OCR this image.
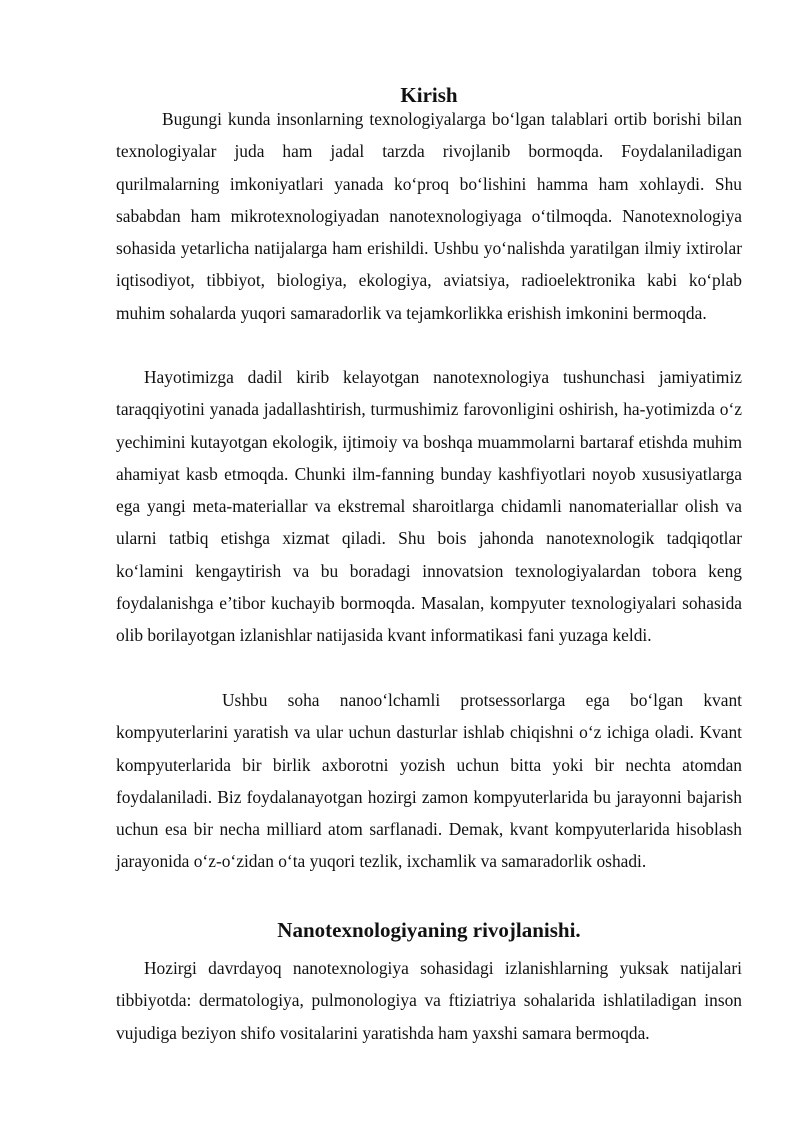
Kirish

Bugungi kunda insonlarning texnologiyalarga bo‘lgan talablari ortib borishi bilan texnologiyalar juda ham jadal tarzda rivojlanib bormoqda. Foydalaniladigan qurilmalarning imkoniyatlari yanada ko‘proq bo‘lishini hamma ham xohlaydi. Shu sababdan ham mikrotexnologiyadan nanotexnologiyaga o‘tilmoqda. Nanotexnologiya sohasida yetarlicha natijalarga ham erishildi. Ushbu yo‘nalishda yaratilgan ilmiy ixtirolar iqtisodiyot, tibbiyot, biologiya, ekologiya, aviatsiya, radioelektronika kabi ko‘plab muhim sohalarda yuqori samaradorlik va tejamkorlikka erishish imkonini bermoqda.

Hayotimizga dadil kirib kelayotgan nanotexnologiya tushunchasi jamiyatimiz taraqqiyotini yanada jadallashtirish, turmushimiz farovonligini oshirish, ha-yotimizda o‘z yechimini kutayotgan ekologik, ijtimoiy va boshqa muammolarni bartaraf etishda muhim ahamiyat kasb etmoqda. Chunki ilm-fanning bunday kashfiyotlari noyob xususiyatlarga ega yangi meta-materiallar va ekstremal sharoitlarga chidamli nanomateriallar olish va ularni tatbiq etishga xizmat qiladi. Shu bois jahonda nanotexnologik tadqiqotlar ko‘lamini kengaytirish va bu boradagi innovatsion texnologiyalardan tobora keng foydalanishga e’tibor kuchayib bormoqda. Masalan, kompyuter texnologiyalari sohasida olib borilayotgan izlanishlar natijasida kvant informatikasi fani yuzaga keldi.

Ushbu soha nanoo‘lchamli protsessorlarga ega bo‘lgan kvant kompyuterlarini yaratish va ular uchun dasturlar ishlab chiqishni o‘z ichiga oladi. Kvant kompyuterlarida bir birlik axborotni yozish uchun bitta yoki bir nechta atomdan foydalaniladi. Biz foydalanayotgan hozirgi zamon kompyuterlarida bu jarayonni bajarish uchun esa bir necha milliard atom sarflanadi. Demak, kvant kompyuterlarida hisoblash jarayonida o‘z-o‘zidan o‘ta yuqori tezlik, ixchamlik va samaradorlik oshadi.

Nanotexnologiyaning rivojlanishi.

Hozirgi davrdayoq nanotexnologiya sohasidagi izlanishlarning yuksak natijalari tibbiyotda: dermatologiya, pulmonologiya va ftiziatriya sohalarida ishlatiladigan inson vujudiga beziyon shifo vositalarini yaratishda ham yaxshi samara bermoqda.
